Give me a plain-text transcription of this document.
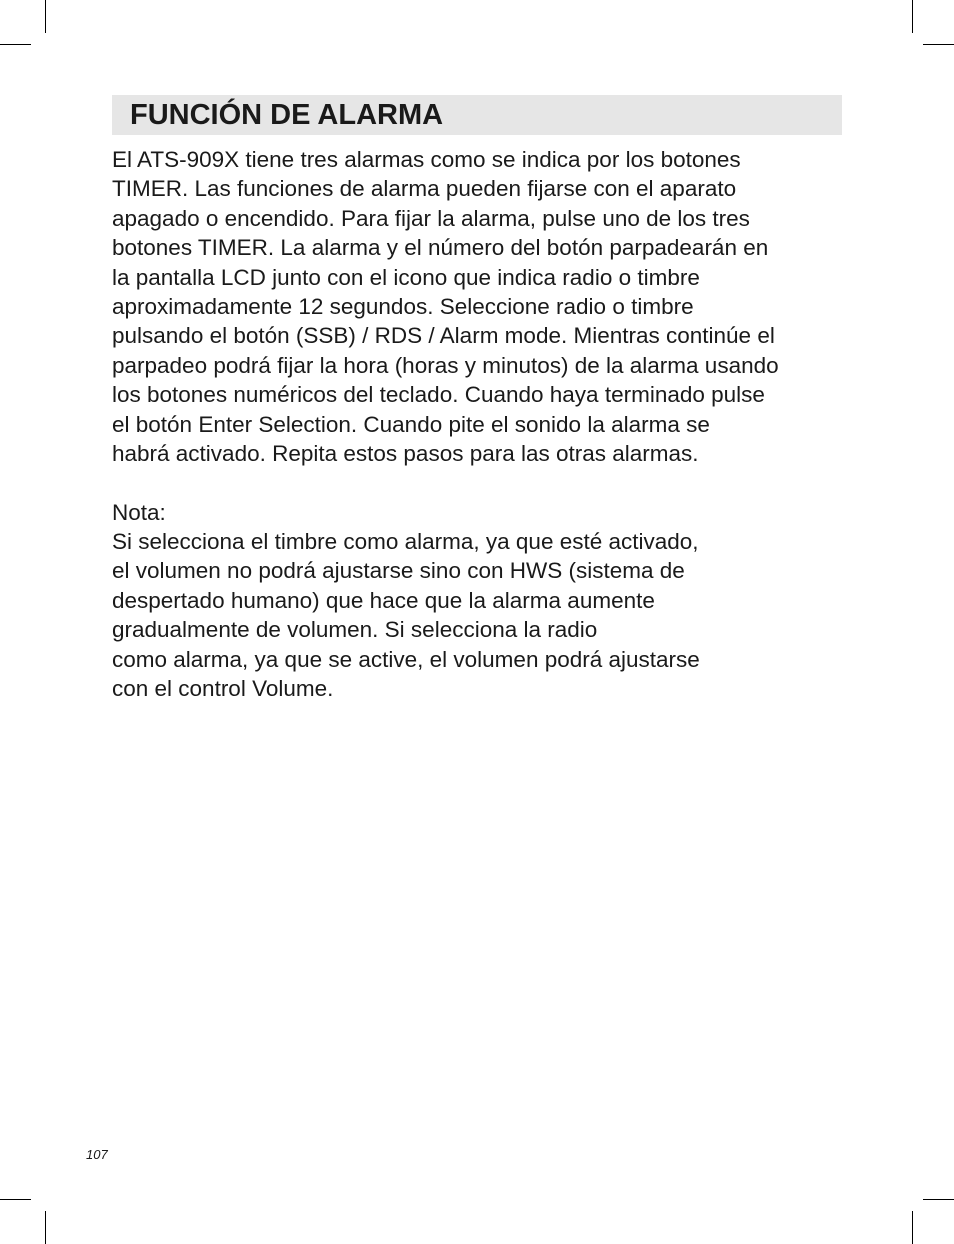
FUNCIÓN DE ALARMA
El ATS-909X tiene tres alarmas como se indica por los botones
TIMER. Las funciones de alarma pueden fijarse con el aparato
apagado o encendido. Para fijar la alarma, pulse uno de los tres
botones TIMER. La alarma y el número del botón parpadearán en
la pantalla LCD junto con el icono que indica radio o timbre
aproximadamente 12 segundos. Seleccione radio o timbre
pulsando el botón (SSB) / RDS / Alarm mode. Mientras continúe el
parpadeo podrá fijar la hora (horas y minutos) de la alarma usando
los botones numéricos del teclado. Cuando haya terminado pulse
el botón Enter Selection. Cuando pite el sonido la alarma se
habrá activado. Repita estos pasos para las otras alarmas.
Nota:
Si selecciona el timbre como alarma, ya que esté activado,
el volumen no podrá ajustarse sino con HWS (sistema de
despertado humano) que hace que la alarma aumente
gradualmente de volumen. Si selecciona la radio
como alarma, ya que se active, el volumen podrá ajustarse
con el control Volume.
107
